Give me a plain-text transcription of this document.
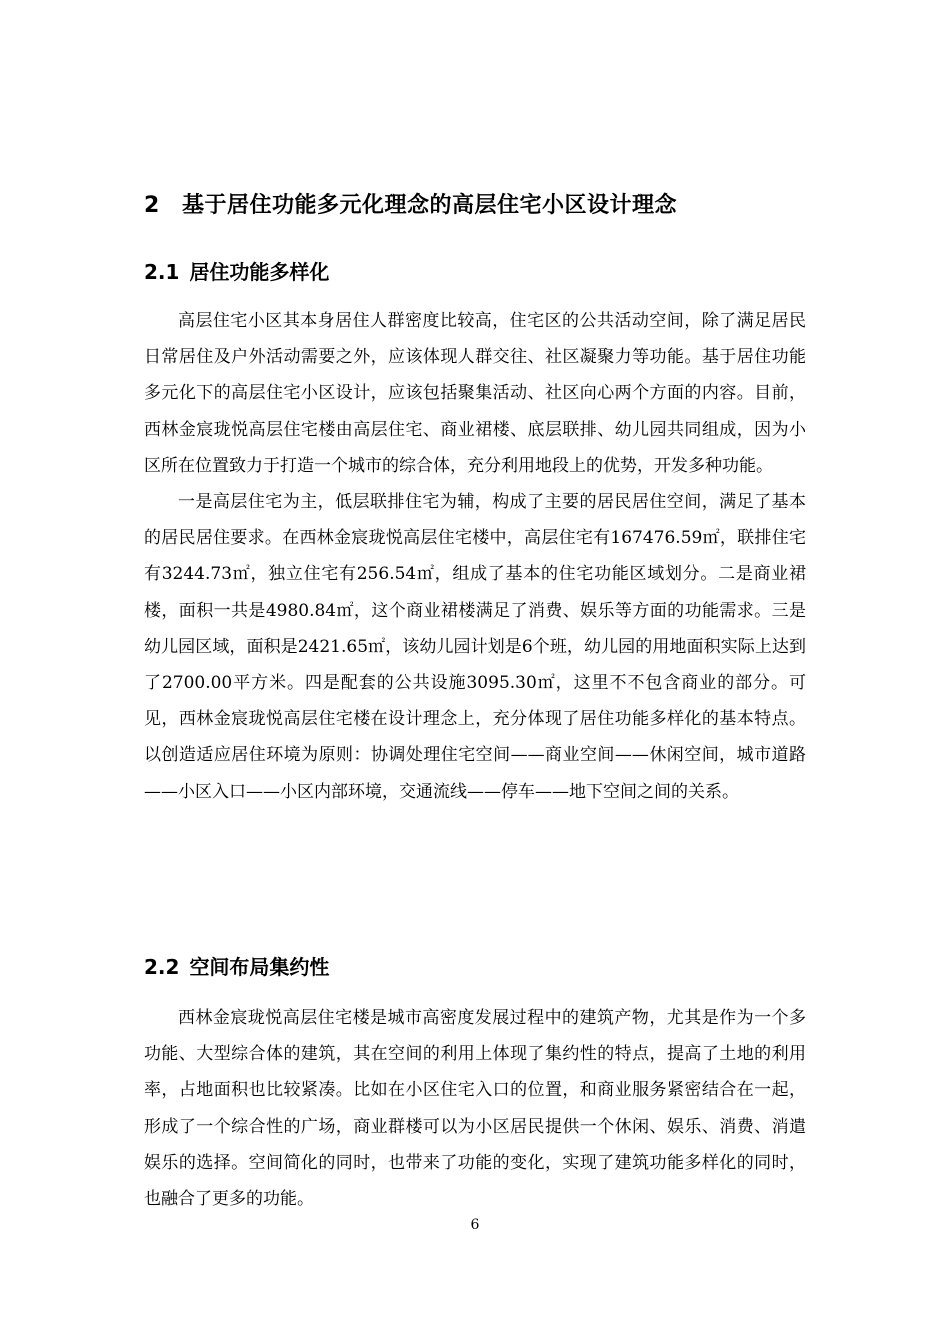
2 基于居住功能多元化理念的高层住宅小区设计理念
2.1 居住功能多样化

高层住宅小区其本身居住人群密度比较高，住宅区的公共活动空间，除了满足居民日常居住及户外活动需要之外，应该体现人群交往、社区凝聚力等功能。基于居住功能多元化下的高层住宅小区设计，应该包括聚集活动、社区向心两个方面的内容。目前，西林金宸珑悦高层住宅楼由高层住宅、商业裙楼、底层联排、幼儿园共同组成，因为小区所在位置致力于打造一个城市的综合体，充分利用地段上的优势，开发多种功能。

一是高层住宅为主，低层联排住宅为辅，构成了主要的居民居住空间，满足了基本的居民居住要求。在西林金宸珑悦高层住宅楼中，高层住宅有167476.59㎡，联排住宅有3244.73㎡，独立住宅有256.54㎡，组成了基本的住宅功能区域划分。二是商业裙楼，面积一共是4980.84㎡，这个商业裙楼满足了消费、娱乐等方面的功能需求。三是幼儿园区域，面积是2421.65㎡，该幼儿园计划是6个班，幼儿园的用地面积实际上达到了2700.00平方米。四是配套的公共设施3095.30㎡，这里不不包含商业的部分。可见，西林金宸珑悦高层住宅楼在设计理念上，充分体现了居住功能多样化的基本特点。以创造适应居住环境为原则：协调处理住宅空间——商业空间——休闲空间，城市道路——小区入口——小区内部环境，交通流线——停车——地下空间之间的关系。

2.2 空间布局集约性

西林金宸珑悦高层住宅楼是城市高密度发展过程中的建筑产物，尤其是作为一个多功能、大型综合体的建筑，其在空间的利用上体现了集约性的特点，提高了土地的利用率，占地面积也比较紧凑。比如在小区住宅入口的位置，和商业服务紧密结合在一起，形成了一个综合性的广场，商业群楼可以为小区居民提供一个休闲、娱乐、消费、消遣娱乐的选择。空间简化的同时，也带来了功能的变化，实现了建筑功能多样化的同时，也融合了更多的功能。

6
